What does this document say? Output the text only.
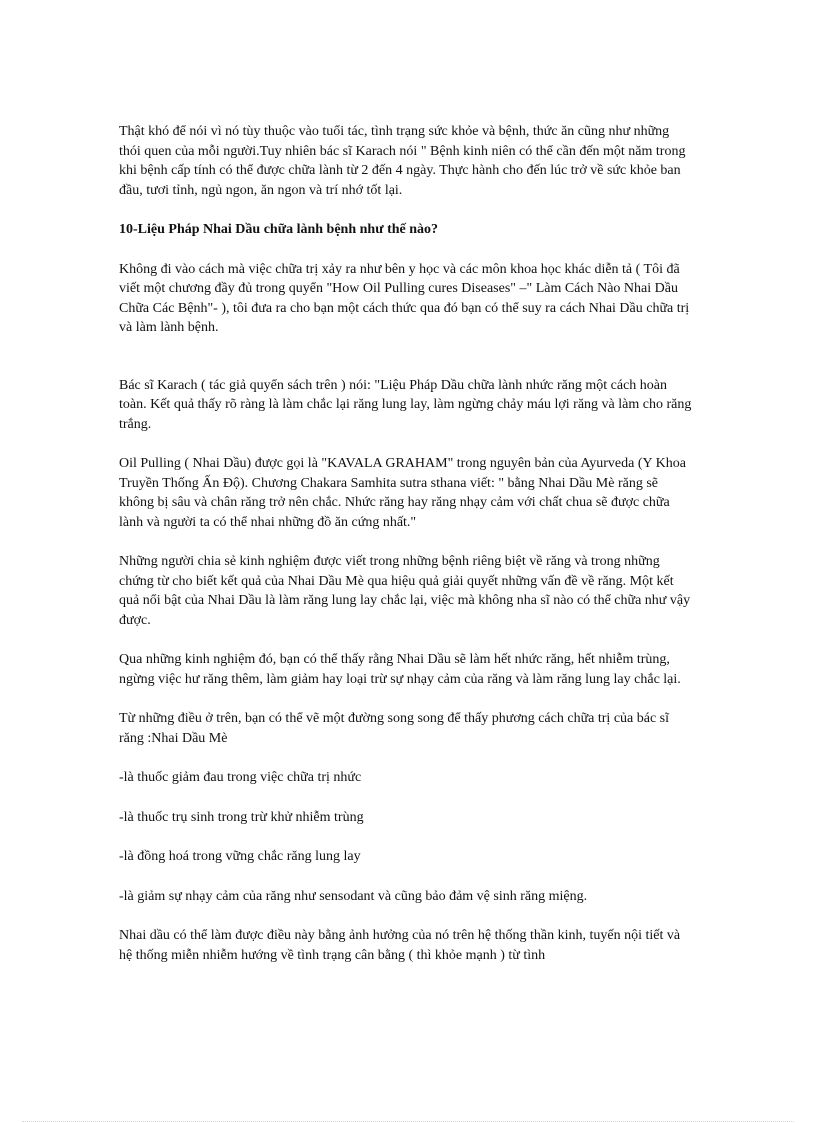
Thật khó để nói vì nó tùy thuộc vào tuổi tác, tình trạng sức khỏe và bệnh, thức ăn cũng như những thói quen của mỗi người.Tuy nhiên bác sĩ Karach nói " Bệnh kinh niên có thể cần đến một năm trong khi bệnh cấp tính có thể được chữa lành từ 2 đến 4 ngày. Thực hành cho đến lúc trở về sức khỏe ban đầu, tươi tỉnh, ngủ ngon, ăn ngon và trí nhớ tốt lại.

10-Liệu Pháp Nhai Dầu chữa lành bệnh như thế nào?

Không đi vào cách mà việc chữa trị xảy ra như bên y học và các môn khoa học khác diễn tả ( Tôi đã viết một chương đầy đủ trong quyển "How Oil Pulling cures Diseases" –" Làm Cách Nào Nhai Dầu Chữa Các Bệnh"- ), tôi đưa ra cho bạn một cách thức qua đó bạn có thể suy ra cách Nhai Dầu chữa trị và làm lành bệnh.

Bác sĩ Karach ( tác giả quyển sách trên ) nói: "Liệu Pháp Dầu chữa lành nhức răng một cách hoàn toàn. Kết quả thấy rõ ràng là làm chắc lại răng lung lay, làm ngừng chảy máu lợi răng và làm cho răng trắng.

Oil Pulling ( Nhai Dầu) được gọi là "KAVALA GRAHAM" trong nguyên bản của Ayurveda (Y Khoa Truyền Thống Ấn Độ). Chương Chakara Samhita sutra sthana viết: " bằng Nhai Dầu Mè răng sẽ không bị sâu và chân răng trở nên chắc. Nhức răng hay răng nhạy cảm với chất chua sẽ được chữa lành và người ta có thể nhai những đồ ăn cứng nhất."

Những người chia sẻ kinh nghiệm được viết trong những bệnh riêng biệt về răng và trong những chứng từ cho biết kết quả của Nhai Dầu Mè qua hiệu quả giải quyết những vấn đề về răng. Một kết quả nổi bật của Nhai Dầu là làm răng lung lay chắc lại, việc mà không nha sĩ nào có thể chữa như vậy được.

Qua những kinh nghiệm đó, bạn có thể thấy rằng Nhai Dầu sẽ làm hết nhức răng, hết nhiễm trùng, ngừng việc hư răng thêm, làm giảm hay loại trừ sự nhạy cảm của răng và làm răng lung lay chắc lại.

Từ những điều ở trên, bạn có thể vẽ một đường song song để thấy phương cách chữa trị của bác sĩ răng :Nhai Dầu Mè

-là thuốc giảm đau trong việc chữa trị nhức

-là thuốc trụ sinh trong trừ khử nhiễm trùng

-là đồng hoá trong vững chắc răng lung lay

-là giảm sự nhạy cảm của răng như sensodant và cũng bảo đảm vệ sinh răng miệng.

Nhai dầu có thể làm được điều này bằng ảnh hưởng của nó trên hệ thống thần kinh, tuyến nội tiết và hệ thống miễn nhiễm hướng về tình trạng cân bằng ( thì khỏe mạnh ) từ tình
